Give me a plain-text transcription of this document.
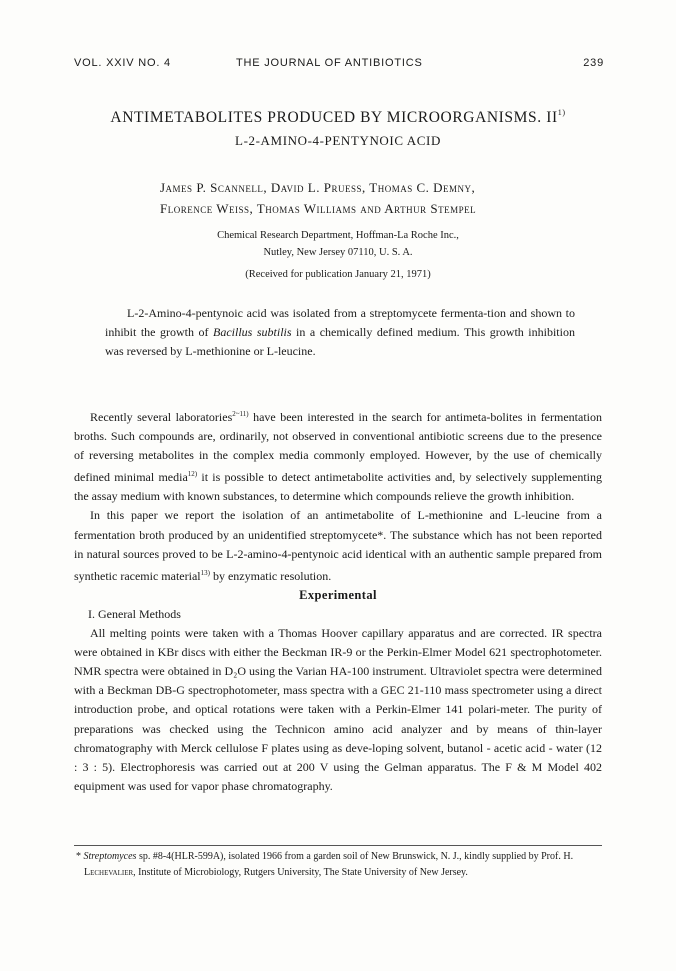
VOL. XXIV NO. 4	THE JOURNAL OF ANTIBIOTICS	239
ANTIMETABOLITES PRODUCED BY MICROORGANISMS. II$^{1)}$
L-2-AMINO-4-PENTYNOIC ACID
James P. Scannell, David L. Pruess, Thomas C. Demny,
Florence Weiss, Thomas Williams and Arthur Stempel
Chemical Research Department, Hoffman-La Roche Inc.,
Nutley, New Jersey 07110, U. S. A.
(Received for publication January 21, 1971)
L-2-Amino-4-pentynoic acid was isolated from a streptomycete fermenta-tion and shown to inhibit the growth of Bacillus subtilis in a chemically defined medium. This growth inhibition was reversed by L-methionine or L-leucine.

Recently several laboratories$^{2\sim 11)}$ have been interested in the search for antimeta-bolites in fermentation broths. Such compounds are, ordinarily, not observed in conventional antibiotic screens due to the presence of reversing metabolites in the complex media commonly employed. However, by the use of chemically defined minimal media$^{12)}$ it is possible to detect antimetabolite activities and, by selectively supplementing the assay medium with known substances, to determine which compounds relieve the growth inhibition.

In this paper we report the isolation of an antimetabolite of L-methionine and L-leucine from a fermentation broth produced by an unidentified streptomycete*. The substance which has not been reported in natural sources proved to be L-2-amino-4-pentynoic acid identical with an authentic sample prepared from synthetic racemic material$^{13)}$ by enzymatic resolution.

Experimental

I. General Methods

All melting points were taken with a Thomas Hoover capillary apparatus and are corrected. IR spectra were obtained in KBr discs with either the Beckman IR-9 or the Perkin-Elmer Model 621 spectrophotometer. NMR spectra were obtained in D₂O using the Varian HA-100 instrument. Ultraviolet spectra were determined with a Beckman DB-G spectrophotometer, mass spectra with a GEC 21-110 mass spectrometer using a direct introduction probe, and optical rotations were taken with a Perkin-Elmer 141 polari-meter. The purity of preparations was checked using the Technicon amino acid analyzer and by means of thin-layer chromatography with Merck cellulose F plates using as deve-loping solvent, butanol - acetic acid - water (12 : 3 : 5). Electrophoresis was carried out at 200 V using the Gelman apparatus. The F & M Model 402 equipment was used for vapor phase chromatography.

* Streptomyces sp. #8-4(HLR-599A), isolated 1966 from a garden soil of New Brunswick, N. J., kindly supplied by Prof. H. Lechevalier, Institute of Microbiology, Rutgers University, The State University of New Jersey.
